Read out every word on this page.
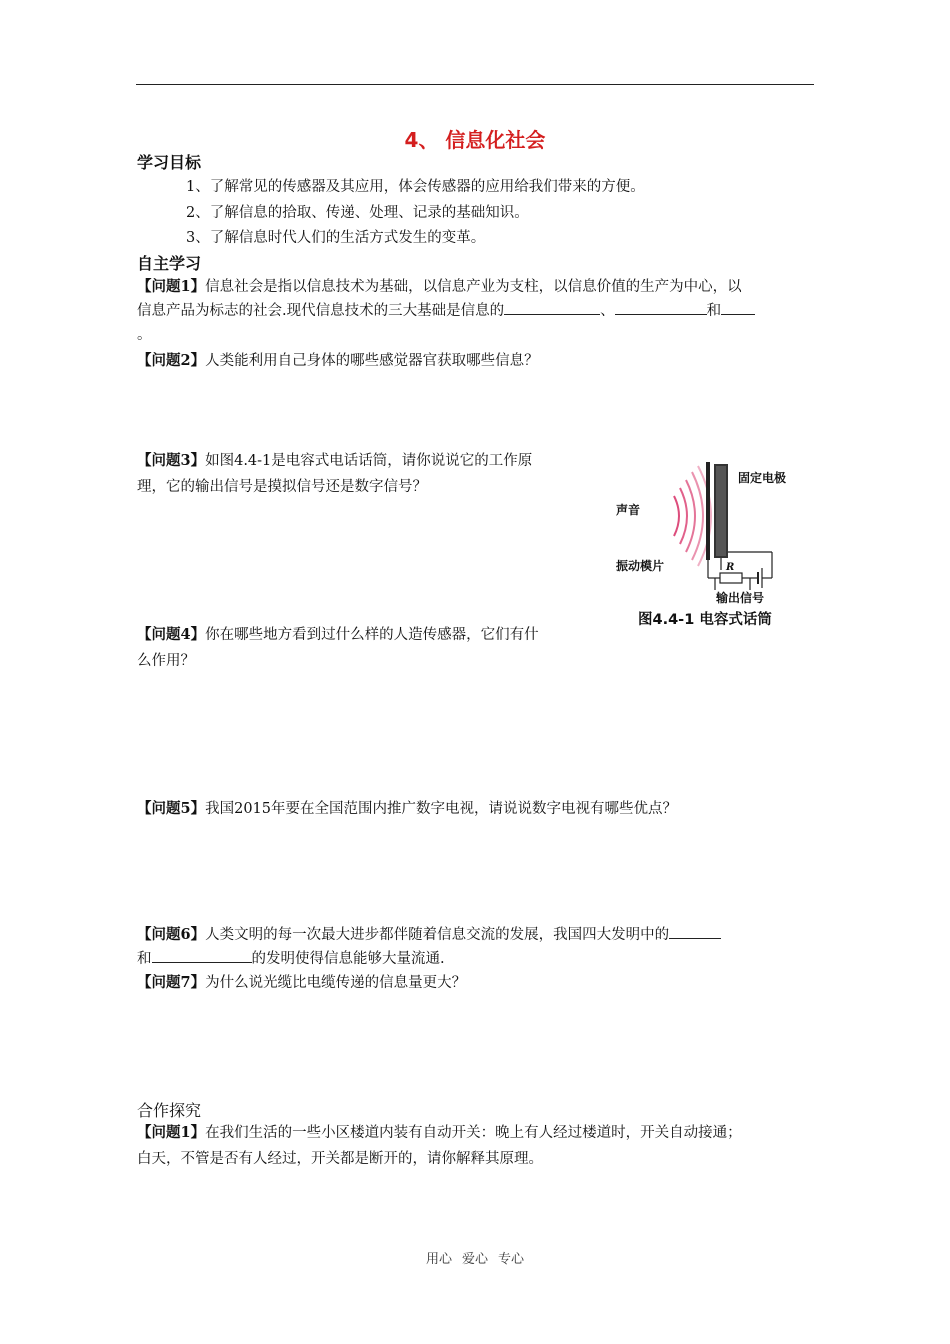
4、 信息化社会
学习目标
1、了解常见的传感器及其应用，体会传感器的应用给我们带来的方便。
2、了解信息的拾取、传递、处理、记录的基础知识。
3、了解信息时代人们的生活方式发生的变革。
自主学习
【问题1】信息社会是指以信息技术为基础，以信息产业为支柱，以信息价值的生产为中心，以
信息产品为标志的社会.现代信息技术的三大基础是信息的	、	和
。
【问题2】人类能利用自己身体的哪些感觉器官获取哪些信息？
【问题3】如图4.4-1是电容式电话话筒，请你说说它的工作原
理，它的输出信号是摸拟信号还是数字信号？
固定电极
声音
振动模片	R
输出信号
图4.4-1 电容式话筒
【问题4】你在哪些地方看到过什么样的人造传感器，它们有什
么作用？
【问题5】我国2015年要在全国范围内推广数字电视，请说说数字电视有哪些优点？
【问题6】人类文明的每一次最大进步都伴随着信息交流的发展，我国四大发明中的
和	的发明使得信息能够大量流通.
【问题7】为什么说光缆比电缆传递的信息量更大？
合作探究
【问题1】在我们生活的一些小区楼道内装有自动开关：晚上有人经过楼道时，开关自动接通；
白天，不管是否有人经过，开关都是断开的，请你解释其原理。
用心 爱心 专心
